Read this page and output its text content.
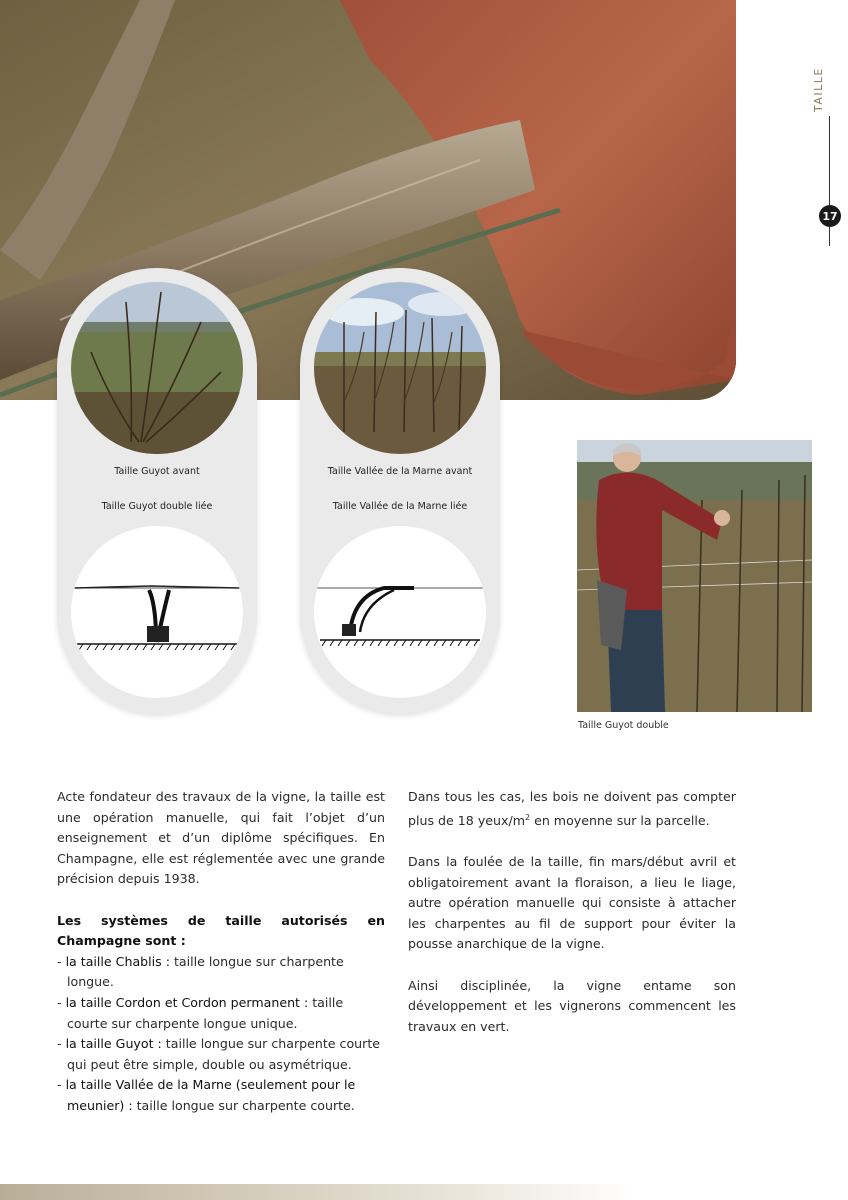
TAILLE
17
Taille Guyot avant
Taille Guyot double liée
Taille Vallée de la Marne avant
Taille Vallée de la Marne liée
Taille Guyot double

Acte fondateur des travaux de la vigne, la taille est une opération manuelle, qui fait l’objet d’un enseignement et d’un diplôme spécifiques. En Champagne, elle est réglementée avec une grande précision depuis 1938.

Les systèmes de taille autorisés en Champagne sont :
- la taille Chablis : taille longue sur charpente longue.
- la taille Cordon et Cordon permanent : taille courte sur charpente longue unique.
- la taille Guyot : taille longue sur charpente courte qui peut être simple, double ou asymétrique.
- la taille Vallée de la Marne (seulement pour le meunier) : taille longue sur charpente courte.

Dans tous les cas, les bois ne doivent pas compter plus de 18 yeux/$m^2$ en moyenne sur la parcelle.

Dans la foulée de la taille, fin mars/début avril et obligatoirement avant la floraison, a lieu le liage, autre opération manuelle qui consiste à attacher les charpentes au fil de support pour éviter la pousse anarchique de la vigne.

Ainsi disciplinée, la vigne entame son développement et les vignerons commencent les travaux en vert.
